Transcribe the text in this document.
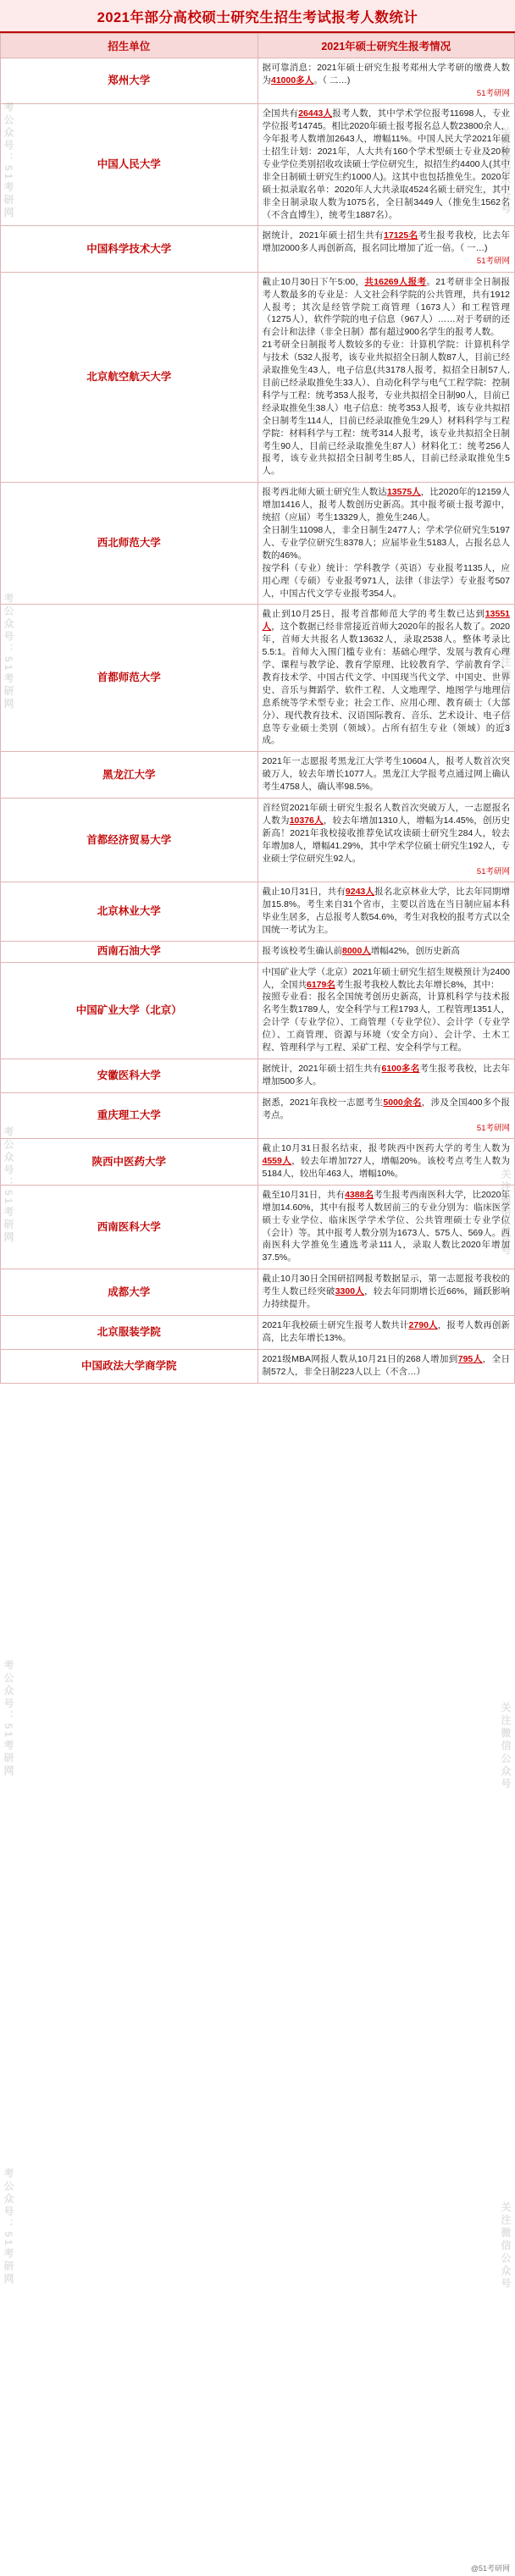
2021年部分高校硕士研究生招生考试报考人数统计
招生单位	2021年硕士研究生报考情况
郑州大学	据可靠消息：2021年硕士研究生报考郑州大学考研的缴费人数为41000多人。（ 二…)
51考研网

中国人民大学	全国共有26443人报考人数，其中学术学位报考11698人，专业学位报考14745。相比2020年硕士报考报名总人数23800余人，今年报考人数增加2643人，增幅11%。中国人民大学2021年硕士招生计划：2021年，人大共有160个学术型硕士专业及20种专业学位类别招收攻读硕士学位研究生，拟招生约4400人(其中非全日制硕士研究生约1000人)。这其中也包括推免生。2020年硕士拟录取名单：2020年人大共录取4524名硕士研究生，其中非全日制录取人数为1075名，全日制3449人（推免生1562名（不含直博生），统考生1887名）。
中国科学技术大学	据统计，2021年硕士招生共有17125名考生报考我校，比去年增加2000多人再创新高，报名同比增加了近一倍。（ 一…)
51考研网

北京航空航天大学	截止10月30日下午5:00，共16269人报考。21考研非全日制报考人数最多的专业是：人文社会科学院的公共管理，共有1912人报考；其次是经管学院工商管理（1673人）和工程管理（1275人），软件学院的电子信息（967人）……对于考研的还有会计和法律（非全日制）都有超过900名学生的报考人数。
21考研全日制报考人数较多的专业：计算机学院：计算机科学与技术（532人报考，该专业共拟招全日制人数87人，目前已经录取推免生43人，电子信息(共3178人报考，拟招全日制57人,目前已经录取推免生33人）、自动化科学与电气工程学院：控制科学与工程：统考353人报考，专业共拟招全日制90人，目前已经录取推免生38人）电子信息：统考353人报考，该专业共拟招全日制考生114人，目前已经录取推免生29人）材料科学与工程学院：材料科学与工程：统考314人报考，该专业共拟招全日制考生90人，目前已经录取推免生87人）材料化工：统考256人报考，该专业共拟招全日制考生85人，目前已经录取推免生5人。
西北师范大学	报考西北师大硕士研究生人数达13575人，比2020年的12159人增加1416人，报考人数创历史新高。其中报考硕士报考源中，统招（应届）考生13329人，推免生246人。
全日制生11098人，非全日制生2477人；学术学位研究生5197人、专业学位研究生8378人；应届毕业生5183人，占报名总人数的46%。
按学科（专业）统计：学科教学（英语）专业报考1135人，应用心理（专硕）专业报考971人，法律（非法学）专业报考507人，中国古代文学专业报考354人。
首都师范大学	截止到10月25日，报考首都师范大学的考生数已达到13551人，这个数据已经非常接近首师大2020年的报名人数了。2020年，首师大共报名人数13632人，录取2538人。整体考录比5.5:1。首师大入围门槛专业有：基础心理学、发展与教育心理学、课程与教学论、教育学原理、比较教育学、学前教育学、教育技术学、中国古代文学、中国现当代文学、中国史、世界史、音乐与舞蹈学、软件工程、人文地理学、地图学与地理信息系统等学术型专业；社会工作、应用心理、教育硕士（大部分）、现代教育技术、汉语国际教育、音乐、艺术设计、电子信息等专业硕士类别（领域）。占所有招生专业（领域）的近3成。
黑龙江大学	2021年一志愿报考黑龙江大学考生10604人，报考人数首次突破万人，较去年增长1077人。黑龙江大学报考点通过网上确认考生4758人，确认率98.5%。
首都经济贸易大学	首经贸2021年硕士研究生报名人数首次突破万人，一志愿报名人数为10376人，较去年增加1310人，增幅为14.45%，创历史新高！2021年我校接收推荐免试攻读硕士研究生284人，较去年增加8人，增幅41.29%，其中学术学位硕士研究生192人，专业硕士学位研究生92人。
51考研网

北京林业大学	截止10月31日，共有9243人报名北京林业大学，比去年同期增加15.8%。考生来自31个省市，主要以首选在当日制应届本科毕业生居多，占总报考人数54.6%，考生对我校的报考方式以全国统一考试为主。
西南石油大学	报考该校考生确认前8000人增幅42%，创历史新高
中国矿业大学（北京）	中国矿业大学（北京）2021年硕士研究生招生规模预计为2400人，全国共6179名考生报考我校人数比去年增长8%，其中：
按照专业看：报名全国统考创历史新高，计算机科学与技术报名考生数1789人，安全科学与工程1793人，工程管理1351人，会计学（专业学位）、工商管理（专业学位）、会计学（专业学位）、工商管理、资源与环境（安全方向）、会计学、土木工程、管理科学与工程、采矿工程、安全科学与工程。
安徽医科大学	据统计，2021年硕士招生共有6100多名考生报考我校，比去年增加500多人。
重庆理工大学	据悉，2021年我校一志愿考生5000余名，涉及全国400多个报考点。
51考研网

陕西中医药大学	截止10月31日报名结束，报考陕西中医药大学的考生人数为4559人，较去年增加727人，增幅20%。该校考点考生人数为5184人，较出年463人，增幅10%。
西南医科大学	截至10月31日，共有4388名考生报考西南医科大学，比2020年增加14.60%，其中有报考人数居前三的专业分别为：临床医学硕士专业学位、临床医学学术学位、公共管理硕士专业学位（会计）等。其中报考人数分别为1673人、575人、569人。西南医科大学推免生遴选考录111人，录取人数比2020年增加37.5%。
成都大学	截止10月30日全国研招网报考数据显示，第一志愿报考我校的考生人数已经突破3300人，较去年同期增长近66%，踊跃影响力持续提升。
北京服装学院	2021年我校硕士研究生报考人数共计2790人，报考人数再创新高，比去年增长13%。
中国政法大学商学院	2021级MBA网报人数从10月21日的268人增加到795人，全日制572人，非全日制223人以上（不含…）
考公众号：51考研网	关注微信公众号
考公众号：51考研网	关注微信公众号
考公众号：51考研网	关注微信公众号
考公众号：51考研网	关注微信公众号
考公众号：51考研网	关注微信公众号
@51考研网
